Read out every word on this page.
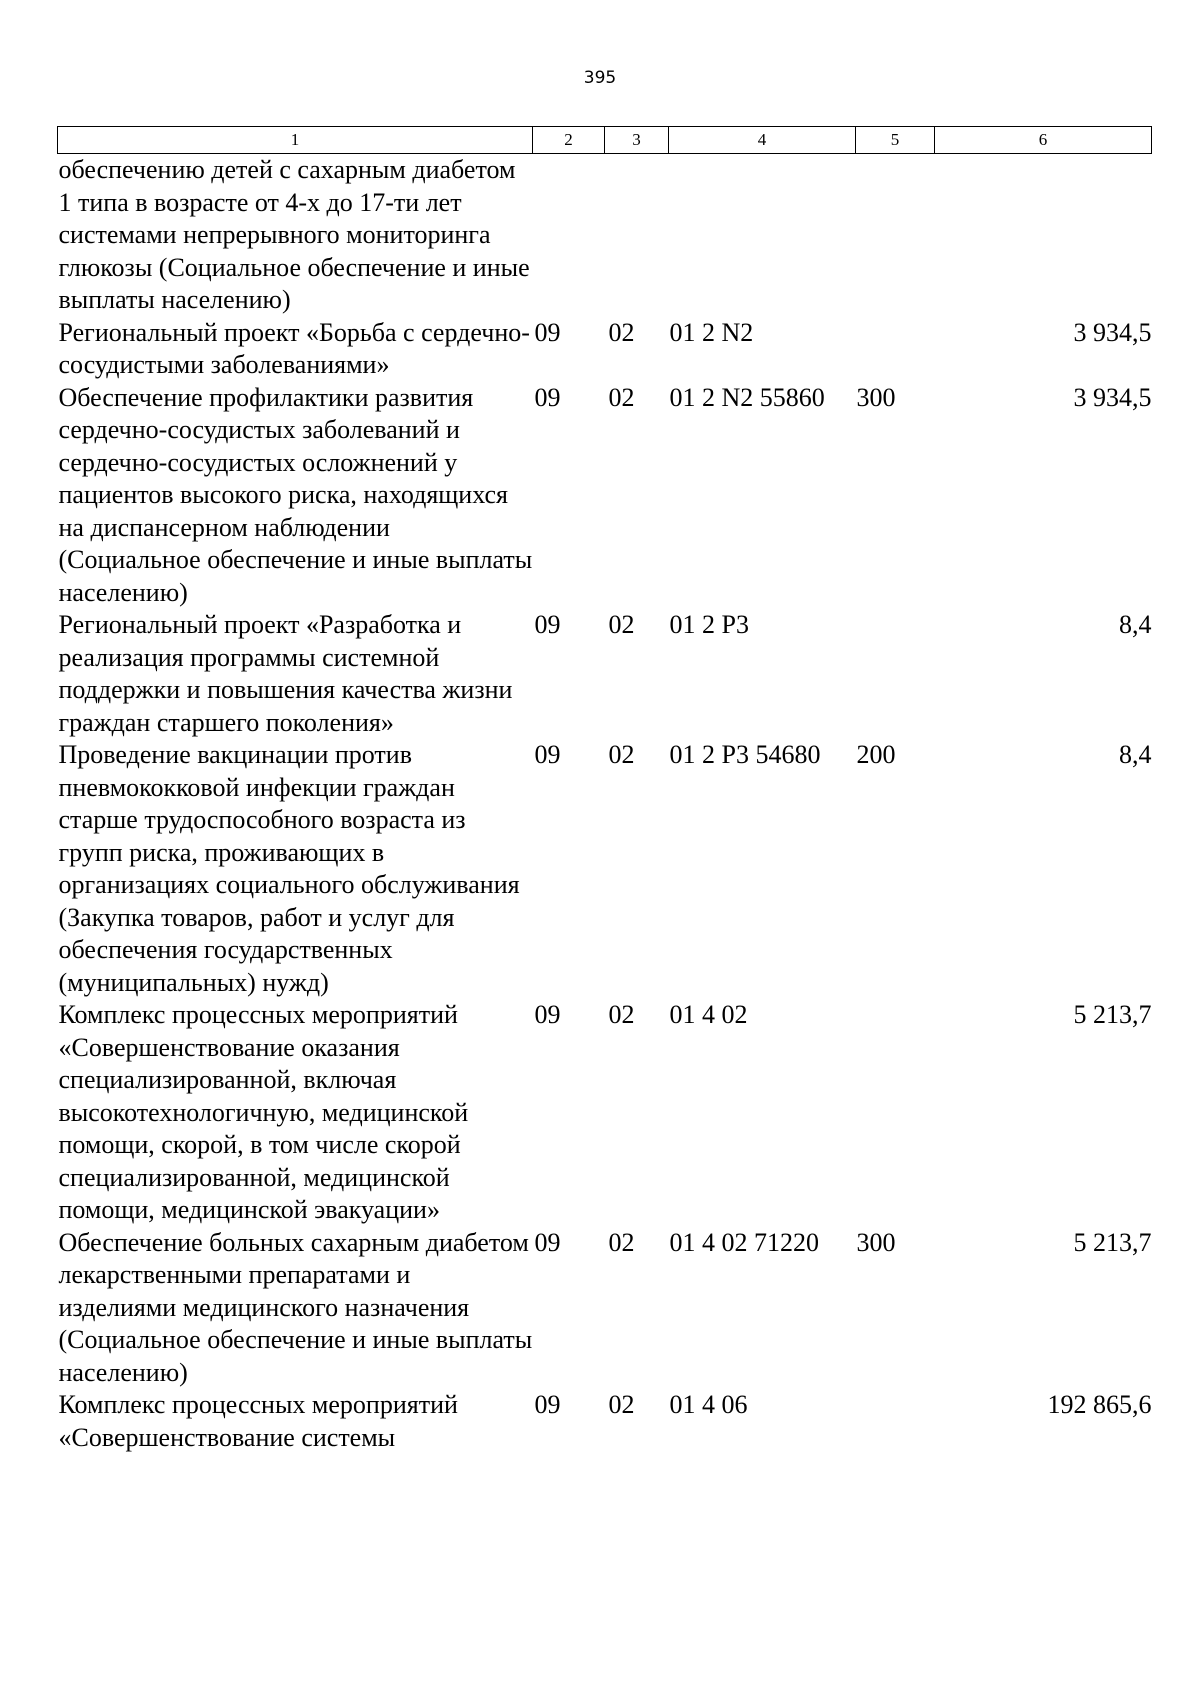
395
1	2	3	4	5	6
обеспечению детей с сахарным диабетом 1 типа в возрасте от 4-х до 17-ти лет системами непрерывного мониторинга глюкозы (Социальное обеспечение и иные выплаты населению)					
Региональный проект «Борьба с сердечно-сосудистыми заболеваниями»	09	02	01 2 N2		3 934,5
Обеспечение профилактики развития сердечно-сосудистых заболеваний и сердечно-сосудистых осложнений у пациентов высокого риска, находящихся на диспансерном наблюдении (Социальное обеспечение и иные выплаты населению)	09	02	01 2 N2 55860	300	3 934,5
Региональный проект «Разработка и реализация программы системной поддержки и повышения качества жизни граждан старшего поколения»	09	02	01 2 P3		8,4
Проведение вакцинации против пневмококковой инфекции граждан старше трудоспособного возраста из групп риска, проживающих в организациях социального обслуживания (Закупка товаров, работ и услуг для обеспечения государственных (муниципальных) нужд)	09	02	01 2 P3 54680	200	8,4
Комплекс процессных мероприятий «Совершенствование оказания специализированной, включая высокотехнологичную, медицинской помощи, скорой, в том числе скорой специализированной, медицинской помощи, медицинской эвакуации»	09	02	01 4 02		5 213,7
Обеспечение больных сахарным диабетом лекарственными препаратами и изделиями медицинского назначения (Социальное обеспечение и иные выплаты населению)	09	02	01 4 02 71220	300	5 213,7
Комплекс процессных мероприятий «Совершенствование системы	09	02	01 4 06		192 865,6
